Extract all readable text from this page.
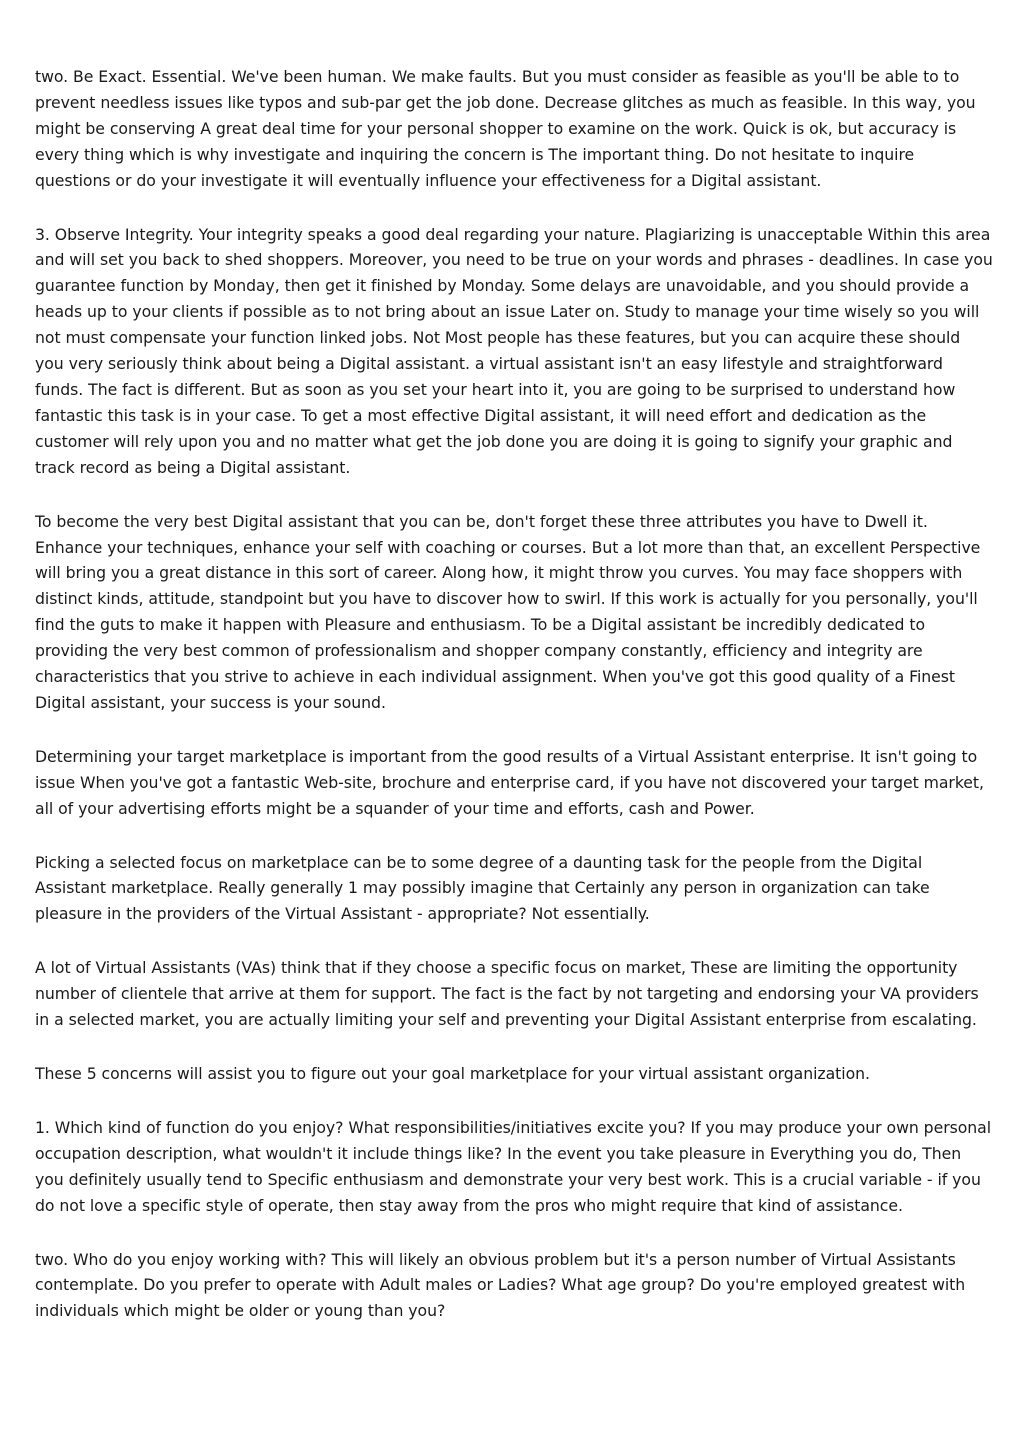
two. Be Exact. Essential. We've been human. We make faults. But you must consider as feasible as you'll be able to to prevent needless issues like typos and sub-par get the job done. Decrease glitches as much as feasible. In this way, you might be conserving A great deal time for your personal shopper to examine on the work. Quick is ok, but accuracy is every thing which is why investigate and inquiring the concern is The important thing. Do not hesitate to inquire questions or do your investigate it will eventually influence your effectiveness for a Digital assistant.

3. Observe Integrity. Your integrity speaks a good deal regarding your nature. Plagiarizing is unacceptable Within this area and will set you back to shed shoppers. Moreover, you need to be true on your words and phrases - deadlines. In case you guarantee function by Monday, then get it finished by Monday. Some delays are unavoidable, and you should provide a heads up to your clients if possible as to not bring about an issue Later on. Study to manage your time wisely so you will not must compensate your function linked jobs. Not Most people has these features, but you can acquire these should you very seriously think about being a Digital assistant. a virtual assistant isn't an easy lifestyle and straightforward funds. The fact is different. But as soon as you set your heart into it, you are going to be surprised to understand how fantastic this task is in your case. To get a most effective Digital assistant, it will need effort and dedication as the customer will rely upon you and no matter what get the job done you are doing it is going to signify your graphic and track record as being a Digital assistant.

To become the very best Digital assistant that you can be, don't forget these three attributes you have to Dwell it. Enhance your techniques, enhance your self with coaching or courses. But a lot more than that, an excellent Perspective will bring you a great distance in this sort of career. Along how, it might throw you curves. You may face shoppers with distinct kinds, attitude, standpoint but you have to discover how to swirl. If this work is actually for you personally, you'll find the guts to make it happen with Pleasure and enthusiasm. To be a Digital assistant be incredibly dedicated to providing the very best common of professionalism and shopper company constantly, efficiency and integrity are characteristics that you strive to achieve in each individual assignment. When you've got this good quality of a Finest Digital assistant, your success is your sound.

Determining your target marketplace is important from the good results of a Virtual Assistant enterprise. It isn't going to issue When you've got a fantastic Web-site, brochure and enterprise card, if you have not discovered your target market, all of your advertising efforts might be a squander of your time and efforts, cash and Power.

Picking a selected focus on marketplace can be to some degree of a daunting task for the people from the Digital Assistant marketplace. Really generally 1 may possibly imagine that Certainly any person in organization can take pleasure in the providers of the Virtual Assistant - appropriate? Not essentially.

A lot of Virtual Assistants (VAs) think that if they choose a specific focus on market, These are limiting the opportunity number of clientele that arrive at them for support. The fact is the fact by not targeting and endorsing your VA providers in a selected market, you are actually limiting your self and preventing your Digital Assistant enterprise from escalating.

These 5 concerns will assist you to figure out your goal marketplace for your virtual assistant organization.

1. Which kind of function do you enjoy? What responsibilities/initiatives excite you? If you may produce your own personal occupation description, what wouldn't it include things like? In the event you take pleasure in Everything you do, Then you definitely usually tend to Specific enthusiasm and demonstrate your very best work. This is a crucial variable - if you do not love a specific style of operate, then stay away from the pros who might require that kind of assistance.

two. Who do you enjoy working with? This will likely an obvious problem but it's a person number of Virtual Assistants contemplate. Do you prefer to operate with Adult males or Ladies? What age group? Do you're employed greatest with individuals which might be older or young than you?
